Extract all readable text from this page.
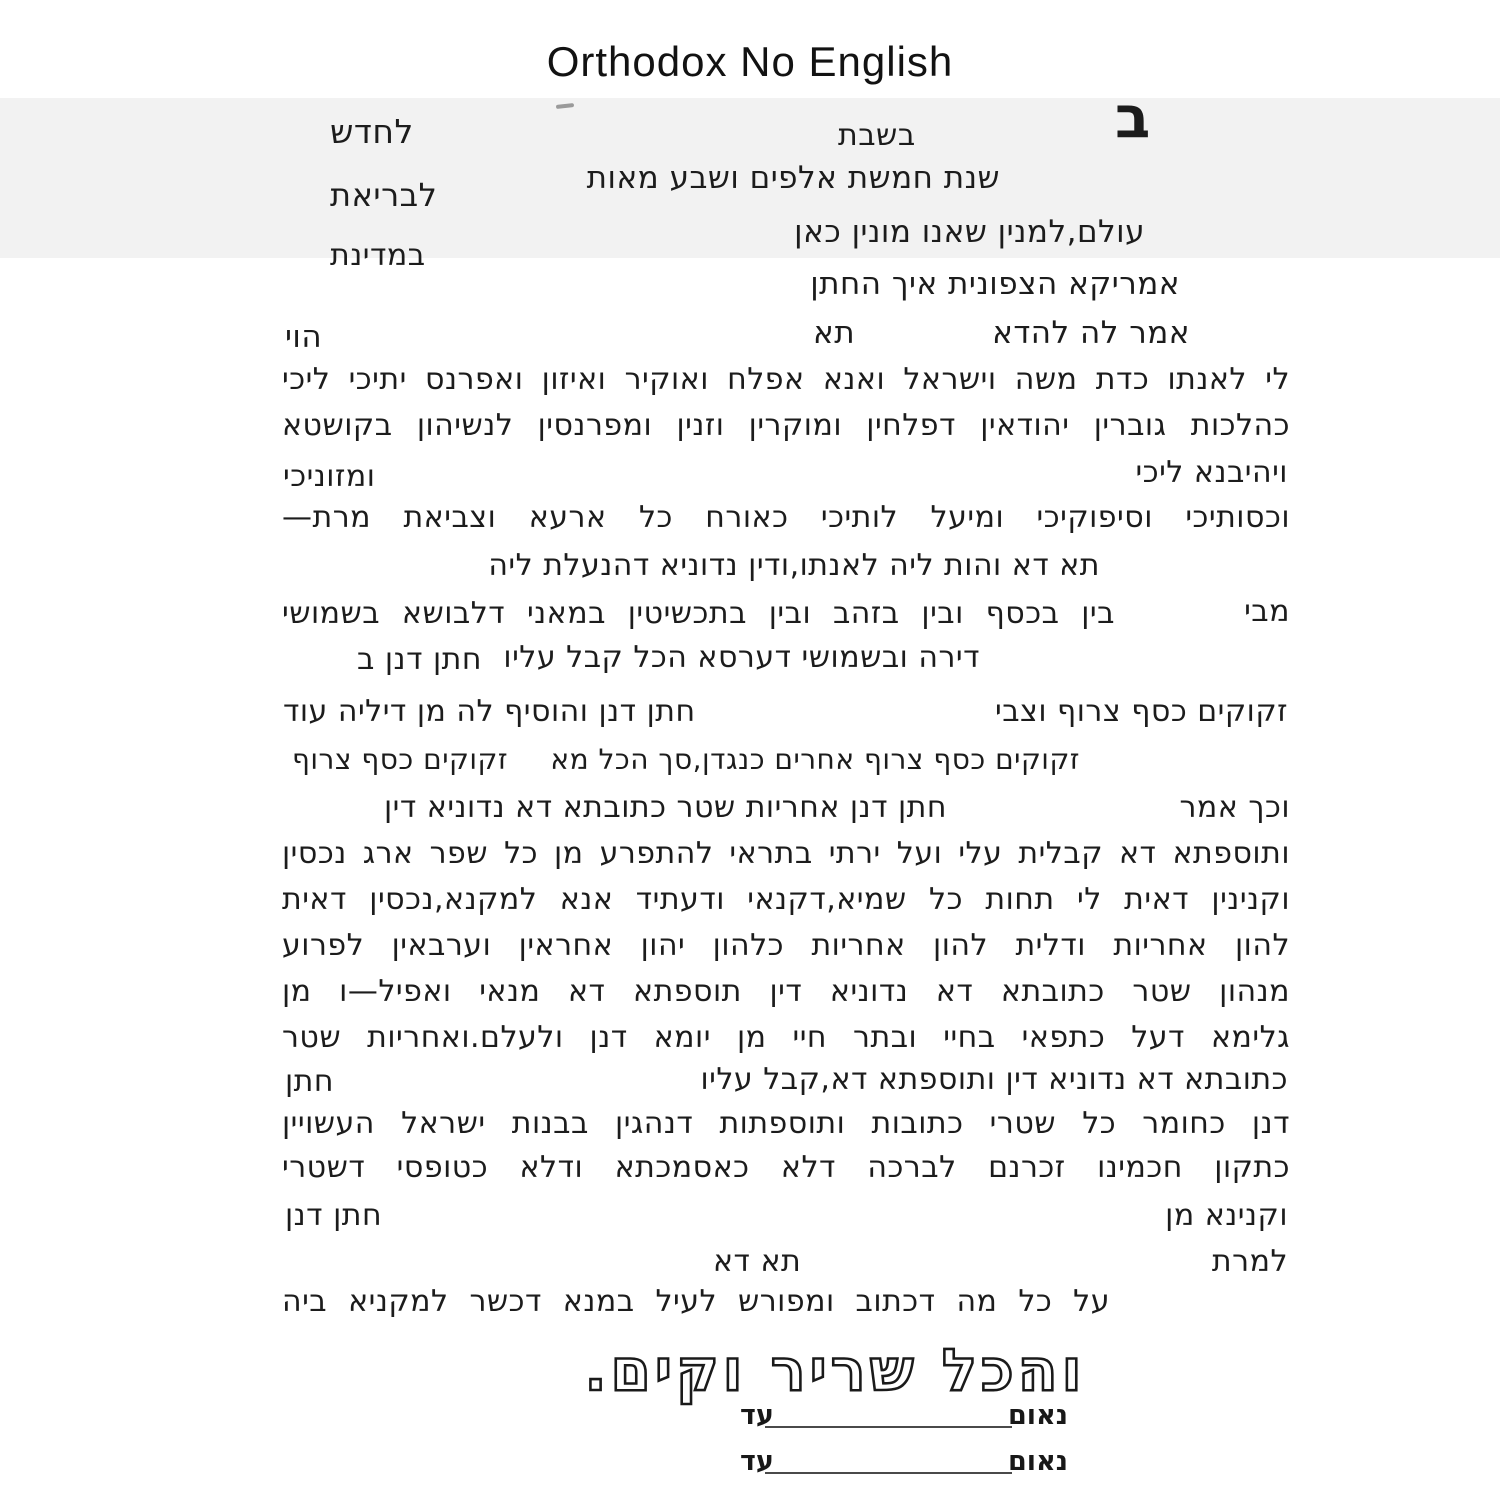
Orthodox No English
ב
בשבת
לחדש
שנת חמשת אלפים ושבע מאות
לבריאת
עולם,למנין שאנו מונין כאן
במדינת
אמריקא הצפונית איך החתן
אמר לה להדא
תא
הוי
לי לאנתו כדת משה וישראל ואנא אפלח ואוקיר ואיזון ואפרנס יתיכי ליכי
כהלכות גוברין יהודאין דפלחין ומוקרין וזנין ומפרנסין לנשיהון בקושטא
ויהיבנא ליכי
ומזוניכי
וכסותיכי וסיפוקיכי ומיעל לותיכי כאורח כל ארעא וצביאת מרת—
תא דא והות ליה לאנתו,ודין נדוניא דהנעלת ליה
מבי
בין בכסף ובין בזהב ובין בתכשיטין במאני דלבושא בשמושי
דירה ובשמושי דערסא הכל קבל עליו
חתן דנן ב
זקוקים כסף צרוף וצבי
חתן דנן והוסיף לה מן דיליה עוד
זקוקים כסף צרוף אחרים כנגדן,סך הכל מא
זקוקים כסף צרוף
וכך אמר
חתן דנן אחריות שטר כתובתא דא נדוניא דין
ותוספתא דא קבלית עלי ועל ירתי בתראי להתפרע מן כל שפר ארג נכסין
וקנינין דאית לי תחות כל שמיא,דקנאי ודעתיד אנא למקנא,נכסין דאית
להון אחריות ודלית להון אחריות כלהון יהון אחראין וערבאין לפרוע
מנהון שטר כתובתא דא נדוניא דין תוספתא דא מנאי ואפיל—ו מן
גלימא דעל כתפאי בחיי ובתר חיי מן יומא דנן ולעלם.ואחריות שטר
כתובתא דא נדוניא דין ותוספתא דא,קבל עליו
חתן
דנן כחומר כל שטרי כתובות ותוספתות דנהגין בבנות ישראל העשויין
כתקון חכמינו זכרנם לברכה דלא כאסמכתא ודלא כטופסי דשטרי
וקנינא מן
חתן דנן
למרת
תא דא
על כל מה דכתוב ומפורש לעיל במנא דכשר למקניא ביה
והכל שריר וקים.
נאום
עד
נאום
עד
